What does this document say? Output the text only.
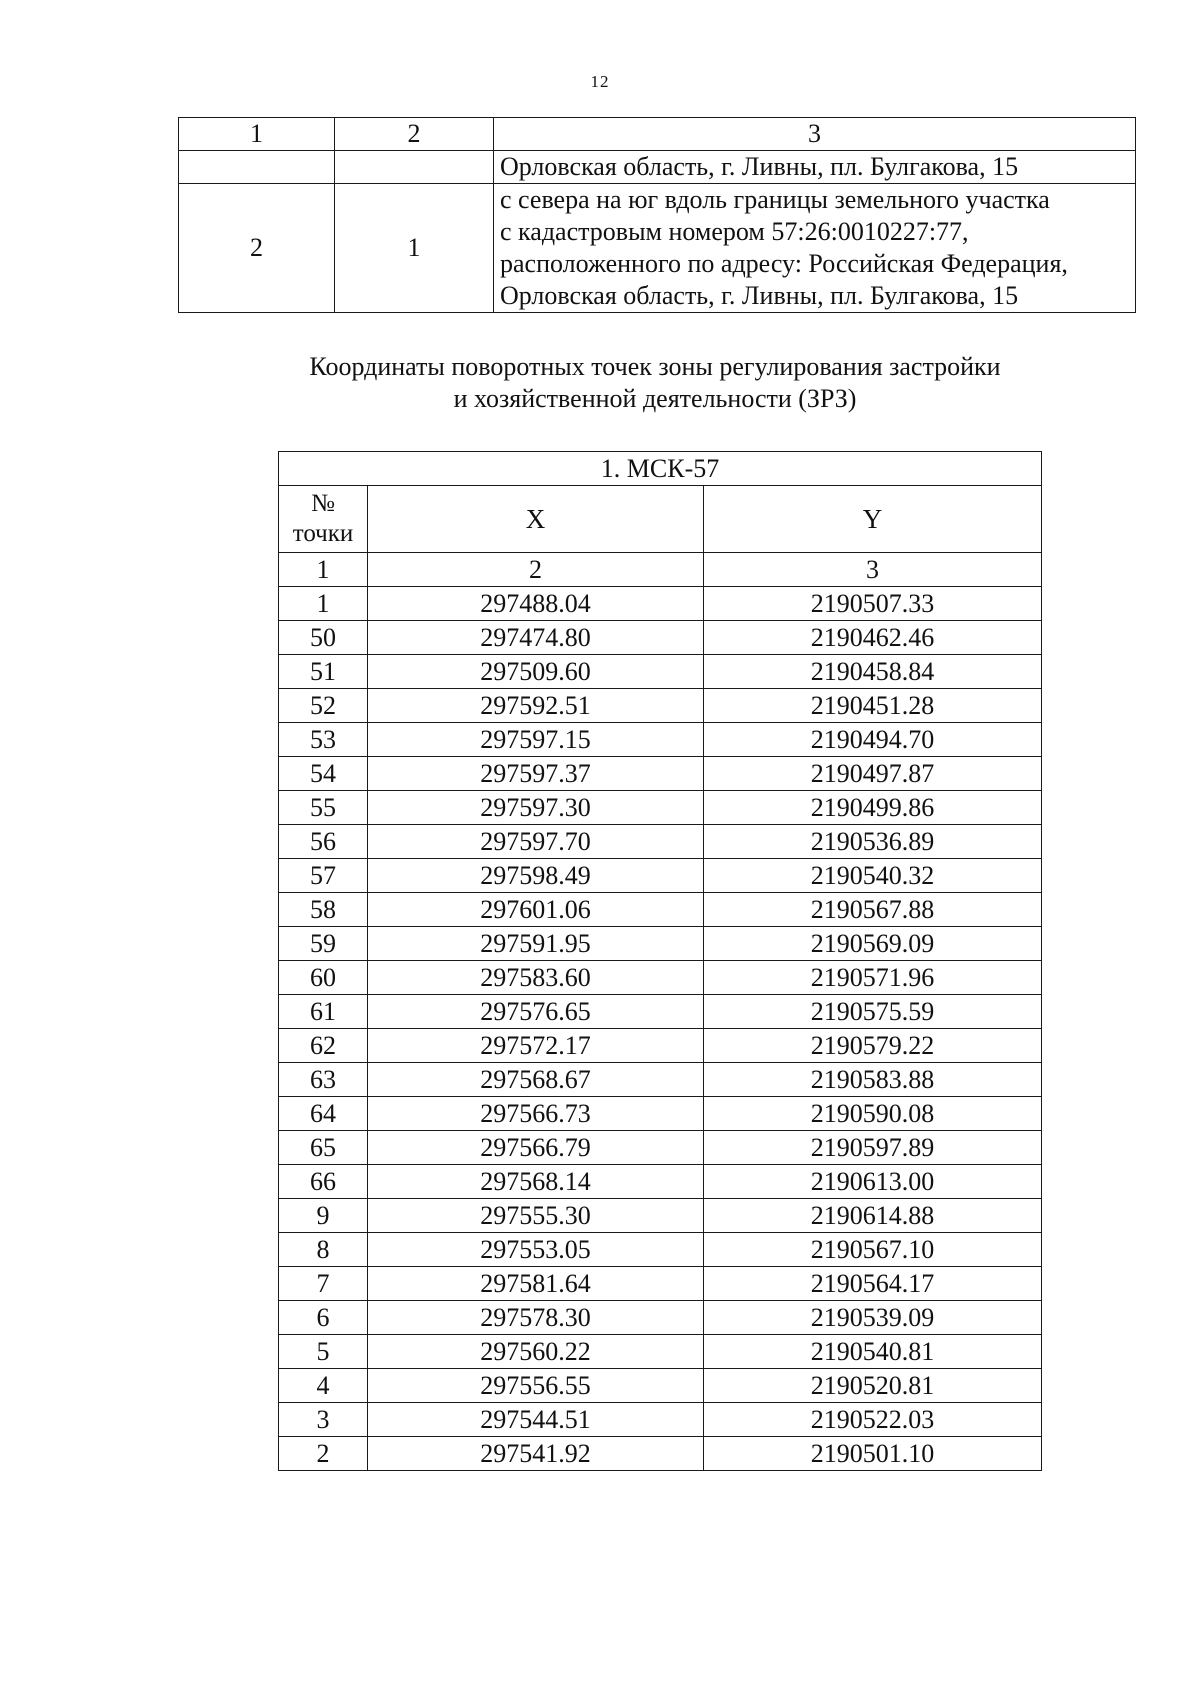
12
1	2	3
		Орловская область, г. Ливны, пл. Булгакова, 15
2	1	с севера на юг вдоль границы земельного участка
с кадастровым номером 57:26:0010227:77,
расположенного по адресу: Российская Федерация,
Орловская область, г. Ливны, пл. Булгакова, 15
Координаты поворотных точек зоны регулирования застройки
и хозяйственной деятельности (ЗРЗ)
1. МСК-57		

№
точки	X	Y
1	2	3
1	297488.04	2190507.33
50	297474.80	2190462.46
51	297509.60	2190458.84
52	297592.51	2190451.28
53	297597.15	2190494.70
54	297597.37	2190497.87
55	297597.30	2190499.86
56	297597.70	2190536.89
57	297598.49	2190540.32
58	297601.06	2190567.88
59	297591.95	2190569.09
60	297583.60	2190571.96
61	297576.65	2190575.59
62	297572.17	2190579.22
63	297568.67	2190583.88
64	297566.73	2190590.08
65	297566.79	2190597.89
66	297568.14	2190613.00
9	297555.30	2190614.88
8	297553.05	2190567.10
7	297581.64	2190564.17
6	297578.30	2190539.09
5	297560.22	2190540.81
4	297556.55	2190520.81
3	297544.51	2190522.03
2	297541.92	2190501.10
